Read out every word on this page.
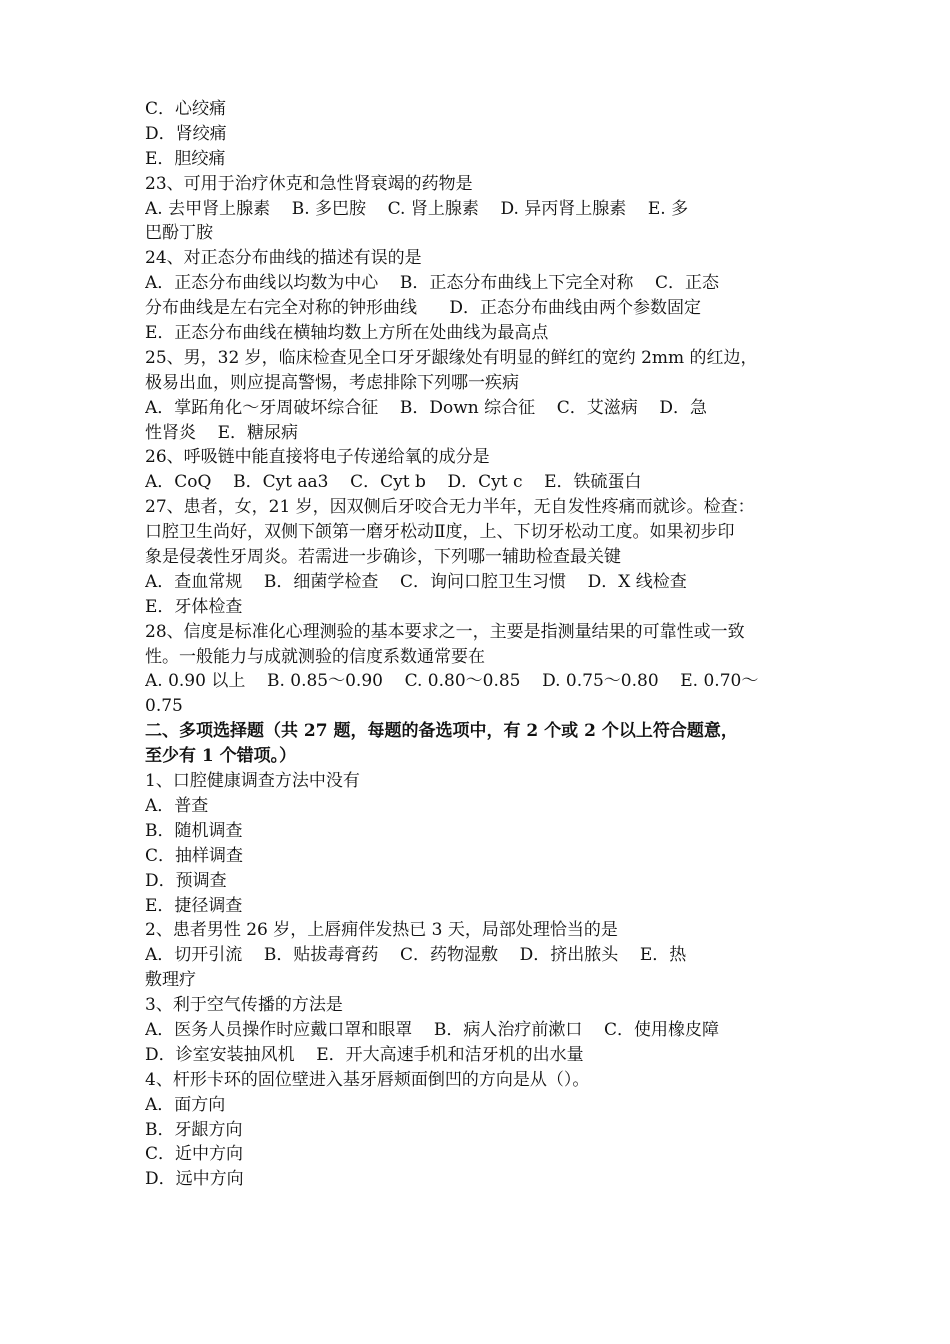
C．心绞痛
D．肾绞痛
E．胆绞痛
23、可用于治疗休克和急性肾衰竭的药物是
A. 去甲肾上腺素    B. 多巴胺    C. 肾上腺素    D. 异丙肾上腺素    E. 多
巴酚丁胺
24、对正态分布曲线的描述有误的是
A．正态分布曲线以均数为中心    B．正态分布曲线上下完全对称    C．正态
分布曲线是左右完全对称的钟形曲线      D．正态分布曲线由两个参数固定
E．正态分布曲线在横轴均数上方所在处曲线为最高点
25、男，32 岁，临床检查见全口牙牙龈缘处有明显的鲜红的宽约 2mm 的红边，
极易出血，则应提高警惕，考虑排除下列哪一疾病
A．掌跖角化～牙周破坏综合征    B．Down 综合征    C．艾滋病    D．急
性肾炎    E．糖尿病
26、呼吸链中能直接将电子传递给氧的成分是
A．CoQ    B．Cyt aa3    C．Cyt b    D．Cyt c    E．铁硫蛋白
27、患者，女，21 岁，因双侧后牙咬合无力半年，无自发性疼痛而就诊。检查：
口腔卫生尚好，双侧下颌第一磨牙松动Ⅱ度，上、下切牙松动工度。如果初步印
象是侵袭性牙周炎。若需进一步确诊，下列哪一辅助检查最关键
A．查血常规    B．细菌学检查    C．询问口腔卫生习惯    D．X 线检查
E．牙体检查
28、信度是标准化心理测验的基本要求之一，主要是指测量结果的可靠性或一致
性。一般能力与成就测验的信度系数通常要在
A. 0.90 以上    B. 0.85～0.90    C. 0.80～0.85    D. 0.75～0.80    E. 0.70～
0.75
二、多项选择题（共 27 题，每题的备选项中，有 2 个或 2 个以上符合题意，
至少有 1 个错项。）
1、口腔健康调查方法中没有
A．普查
B．随机调查
C．抽样调查
D．预调查
E．捷径调查
2、患者男性 26 岁，上唇痈伴发热已 3 天，局部处理恰当的是
A．切开引流    B．贴拔毒膏药    C．药物湿敷    D．挤出脓头    E．热
敷理疗
3、利于空气传播的方法是
A．医务人员操作时应戴口罩和眼罩    B．病人治疗前漱口    C．使用橡皮障
D．诊室安装抽风机    E．开大高速手机和洁牙机的出水量
4、杆形卡环的固位壁进入基牙唇颊面倒凹的方向是从（）。
A．面方向
B．牙龈方向
C．近中方向
D．远中方向
